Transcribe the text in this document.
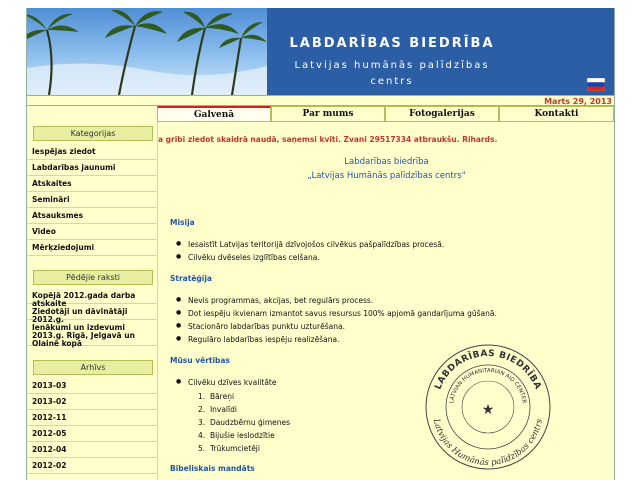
LABDARĪBAS BIEDRĪBA
Latvijas humānās palīdzības
centrs
Marts 29, 2013
Kategorijas
Iespējas ziedot
Labdarības jaunumi
Atskaites
Semināri
Atsauksmes
Video
Mērķziedojumi
Pēdējie raksti
Kopējā 2012.gada darba atskaite
Ziedotāji un dāvinātāji 2012.g.
Ienākumi un izdevumi 2013.g. Rīgā, Jelgavā un Olainē kopā
Arhīvs
2013-03
2013-02
2012-11
2012-05
2012-04
2012-02
Galvenā	Par mums	Fotogalerijas	Kontakti
a gribi ziedot skaidrā naudā, saņemsi kvīti. Zvani 29517334 atbraukšu. Rihards.
Labdarības biedrība
„Latvijas Humānās palīdzības centrs"
Misija
● Iesaistīt Latvijas teritorijā dzīvojošos cilvēkus pašpalīdzības procesā.
● Cilvēku dvēseles izglītības celšana.
Stratēģija
● Nevis programmas, akcijas, bet regulārs process.
● Dot iespēju ikvienam izmantot savus resursus 100% apjomā gandarījuma gūšanā.
● Stacionāro labdarības punktu uzturēšana.
● Regulāro labdarības iespēju realizēšana.
Mūsu vērtības
● Cilvēku dzīves kvalitāte
1.  Bāreņi
2.  Invalīdi
3.  Daudzbērnu ģimenes
4.  Bijušie ieslodzītie
5.  Trūkumcietēji
Bibeliskais mandāts
LABDARĪBAS BIEDRĪBA
Latvijas Humānās palīdzības centrs
LATVIAN HUMANITARIAN AID CENTER
★
